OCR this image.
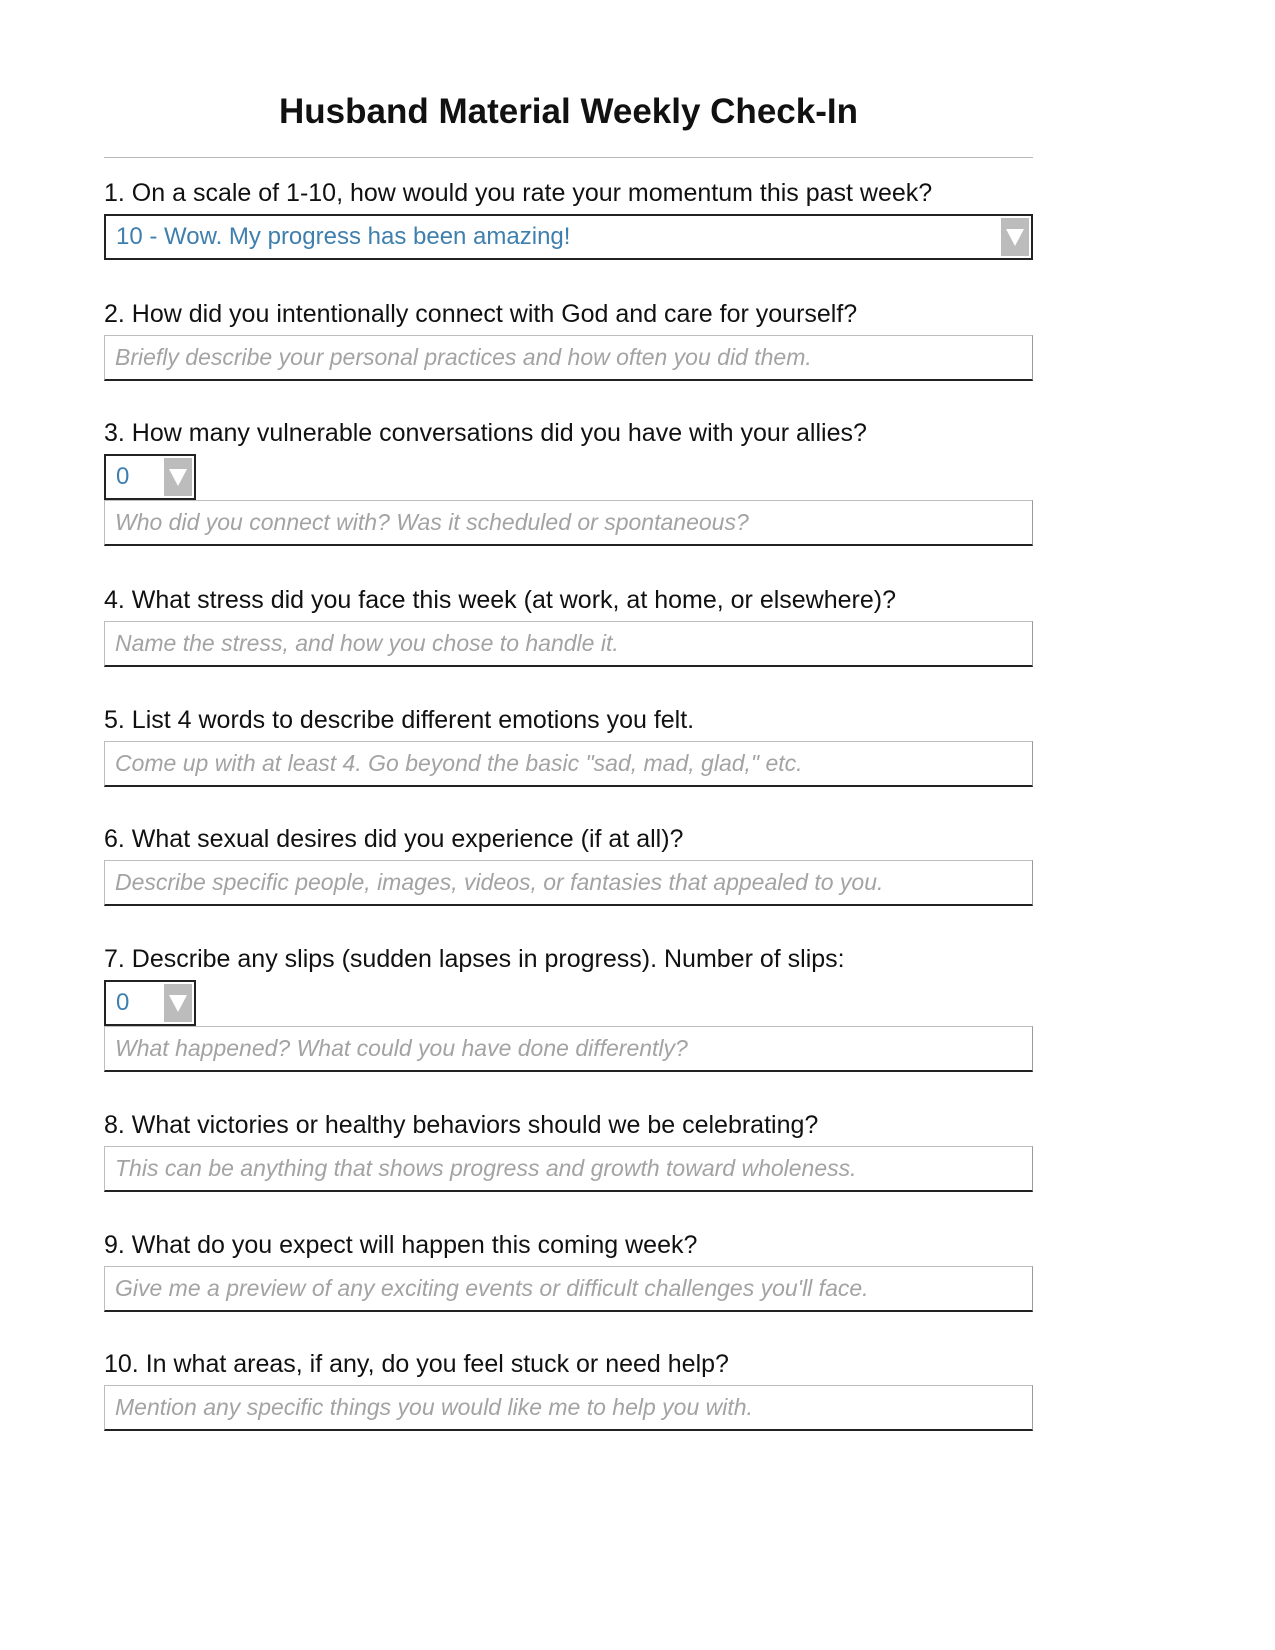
Husband Material Weekly Check-In
1. On a scale of 1-10, how would you rate your momentum this past week?
10 - Wow. My progress has been amazing!
2. How did you intentionally connect with God and care for yourself?
Briefly describe your personal practices and how often you did them.
3. How many vulnerable conversations did you have with your allies?
0
Who did you connect with? Was it scheduled or spontaneous?
4. What stress did you face this week (at work, at home, or elsewhere)?
Name the stress, and how you chose to handle it.
5. List 4 words to describe different emotions you felt.
Come up with at least 4. Go beyond the basic "sad, mad, glad," etc.
6. What sexual desires did you experience (if at all)?
Describe specific people, images, videos, or fantasies that appealed to you.
7. Describe any slips (sudden lapses in progress). Number of slips:
0
What happened? What could you have done differently?
8. What victories or healthy behaviors should we be celebrating?
This can be anything that shows progress and growth toward wholeness.
9. What do you expect will happen this coming week?
Give me a preview of any exciting events or difficult challenges you'll face.
10. In what areas, if any, do you feel stuck or need help?
Mention any specific things you would like me to help you with.
